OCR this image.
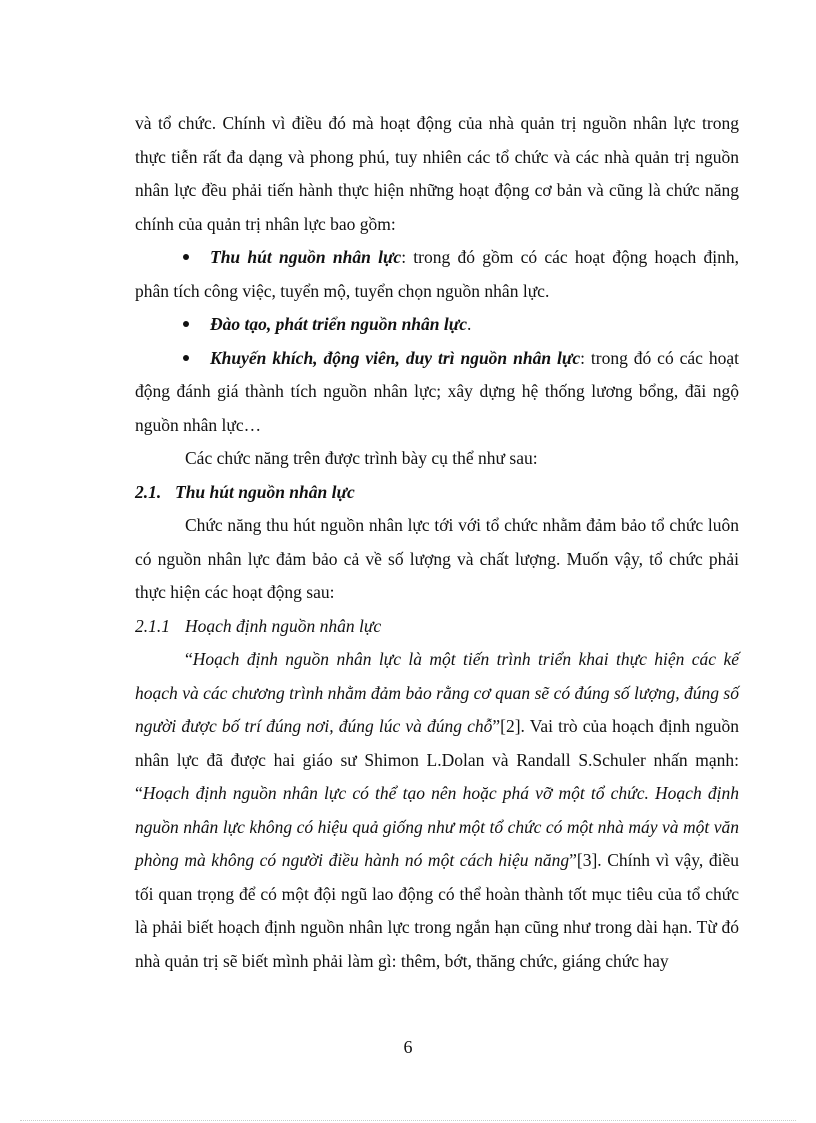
và tổ chức. Chính vì điều đó mà hoạt động của nhà quản trị nguồn nhân lực trong thực tiễn rất đa dạng và phong phú, tuy nhiên các tổ chức và các nhà quản trị nguồn nhân lực đều phải tiến hành thực hiện những hoạt động cơ bản và cũng là chức năng chính của quản trị nhân lực bao gồm:

Thu hút nguồn nhân lực: trong đó gồm có các hoạt động hoạch định, phân tích công việc, tuyển mộ, tuyển chọn nguồn nhân lực.

Đào tạo, phát triển nguồn nhân lực.

Khuyến khích, động viên, duy trì nguồn nhân lực: trong đó có các hoạt động đánh giá thành tích nguồn nhân lực; xây dựng hệ thống lương bổng, đãi ngộ nguồn nhân lực…

Các chức năng trên được trình bày cụ thể như sau:

2.1. Thu hút nguồn nhân lực

Chức năng thu hút nguồn nhân lực tới với tổ chức nhằm đảm bảo tổ chức luôn có nguồn nhân lực đảm bảo cả về số lượng và chất lượng. Muốn vậy, tổ chức phải thực hiện các hoạt động sau:

2.1.1 Hoạch định nguồn nhân lực

“Hoạch định nguồn nhân lực là một tiến trình triển khai thực hiện các kế hoạch và các chương trình nhằm đảm bảo rằng cơ quan sẽ có đúng số lượng, đúng số người được bố trí đúng nơi, đúng lúc và đúng chỗ”[2]. Vai trò của hoạch định nguồn nhân lực đã được hai giáo sư Shimon L.Dolan và Randall S.Schuler nhấn mạnh: “Hoạch định nguồn nhân lực có thể tạo nên hoặc phá vỡ một tổ chức. Hoạch định nguồn nhân lực không có hiệu quả giống như một tổ chức có một nhà máy và một văn phòng mà không có người điều hành nó một cách hiệu năng”[3]. Chính vì vậy, điều tối quan trọng để có một đội ngũ lao động có thể hoàn thành tốt mục tiêu của tổ chức là phải biết hoạch định nguồn nhân lực trong ngắn hạn cũng như trong dài hạn. Từ đó nhà quản trị sẽ biết mình phải làm gì: thêm, bớt, thăng chức, giáng chức hay

6
